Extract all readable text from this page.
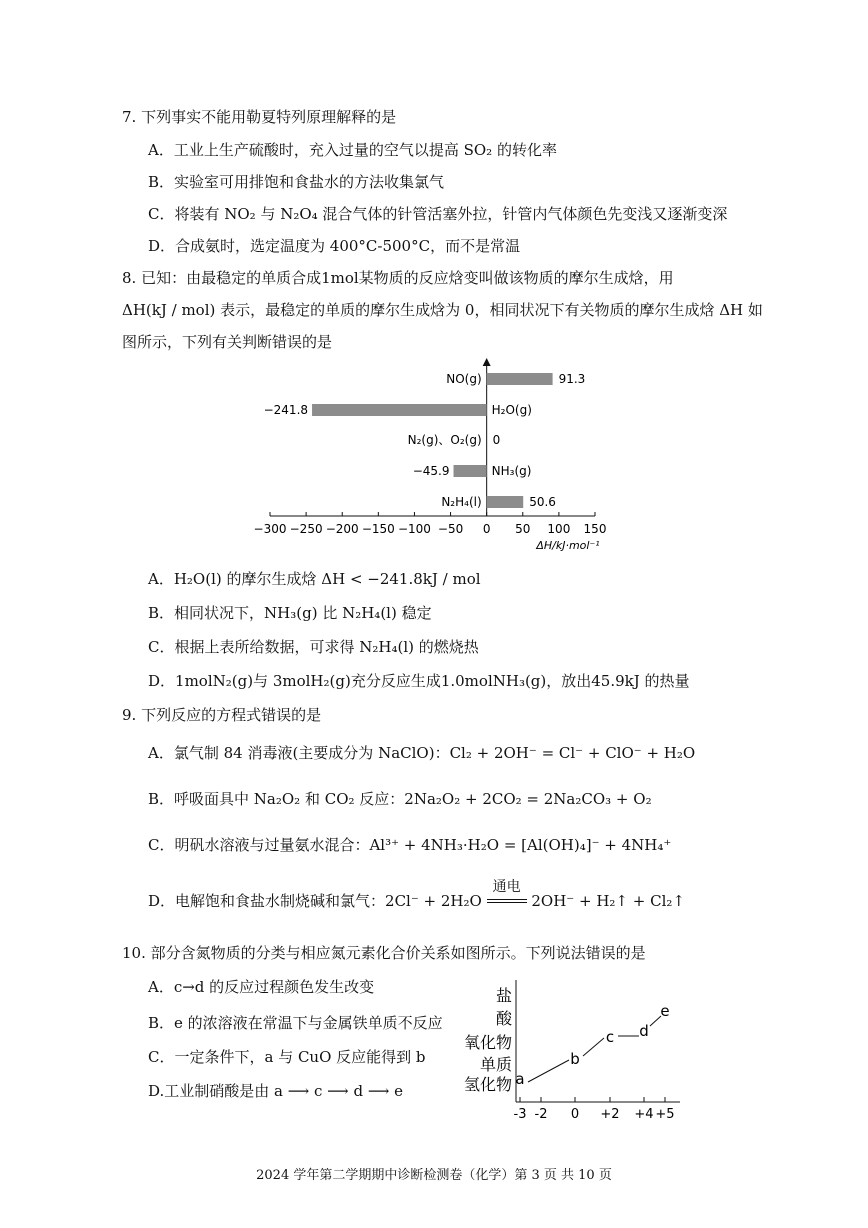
7. 下列事实不能用勒夏特列原理解释的是
A．工业上生产硫酸时，充入过量的空气以提高 SO₂ 的转化率
B．实验室可用排饱和食盐水的方法收集氯气
C．将装有 NO₂ 与 N₂O₄ 混合气体的针管活塞外拉，针管内气体颜色先变浅又逐渐变深
D．合成氨时，选定温度为 400°C-500°C，而不是常温
8. 已知：由最稳定的单质合成1mol某物质的反应焓变叫做该物质的摩尔生成焓，用
ΔH(kJ / mol) 表示，最稳定的单质的摩尔生成焓为 0，相同状况下有关物质的摩尔生成焓 ΔH 如
图所示，下列有关判断错误的是
−300 −250 −200 −150 −100 −50 0 50 100 150
ΔH/kJ·mol⁻¹
NO(g)	91.3
H₂O(g)
−241.8
N₂(g)、O₂(g) 0
NH₃(g)
−45.9
N₂H₄(l)	50.6
A．H₂O(l) 的摩尔生成焓 ΔH < −241.8kJ / mol
B．相同状况下，NH₃(g) 比 N₂H₄(l) 稳定
C．根据上表所给数据，可求得 N₂H₄(l) 的燃烧热
D．1molN₂(g)与 3molH₂(g)充分反应生成1.0molNH₃(g)，放出45.9kJ 的热量
9. 下列反应的方程式错误的是
A．氯气制 84 消毒液(主要成分为 NaClO)：Cl₂ + 2OH⁻ = Cl⁻ + ClO⁻ + H₂O
B．呼吸面具中 Na₂O₂ 和 CO₂ 反应：2Na₂O₂ + 2CO₂ = 2Na₂CO₃ + O₂
C．明矾水溶液与过量氨水混合：Al³⁺ + 4NH₃·H₂O = [Al(OH)₄]⁻ + 4NH₄⁺
D．电解饱和食盐水制烧碱和氯气：2Cl⁻ + 2H₂O
通电
2OH⁻ + H₂↑ + Cl₂↑
10. 部分含氮物质的分类与相应氮元素化合价关系如图所示。下列说法错误的是
A．c→d 的反应过程颜色发生改变
B．e 的浓溶液在常温下与金属铁单质不反应
C．一定条件下，a 与 CuO 反应能得到 b
D.工业制硝酸是由 a ⟶ c ⟶ d ⟶ e
盐
酸
氧化物
单质
氢化物
-3 -2 0 +2 +4 +5
a
b
c d
e
2024 学年第二学期期中诊断检测卷（化学）第 3 页 共 10 页
